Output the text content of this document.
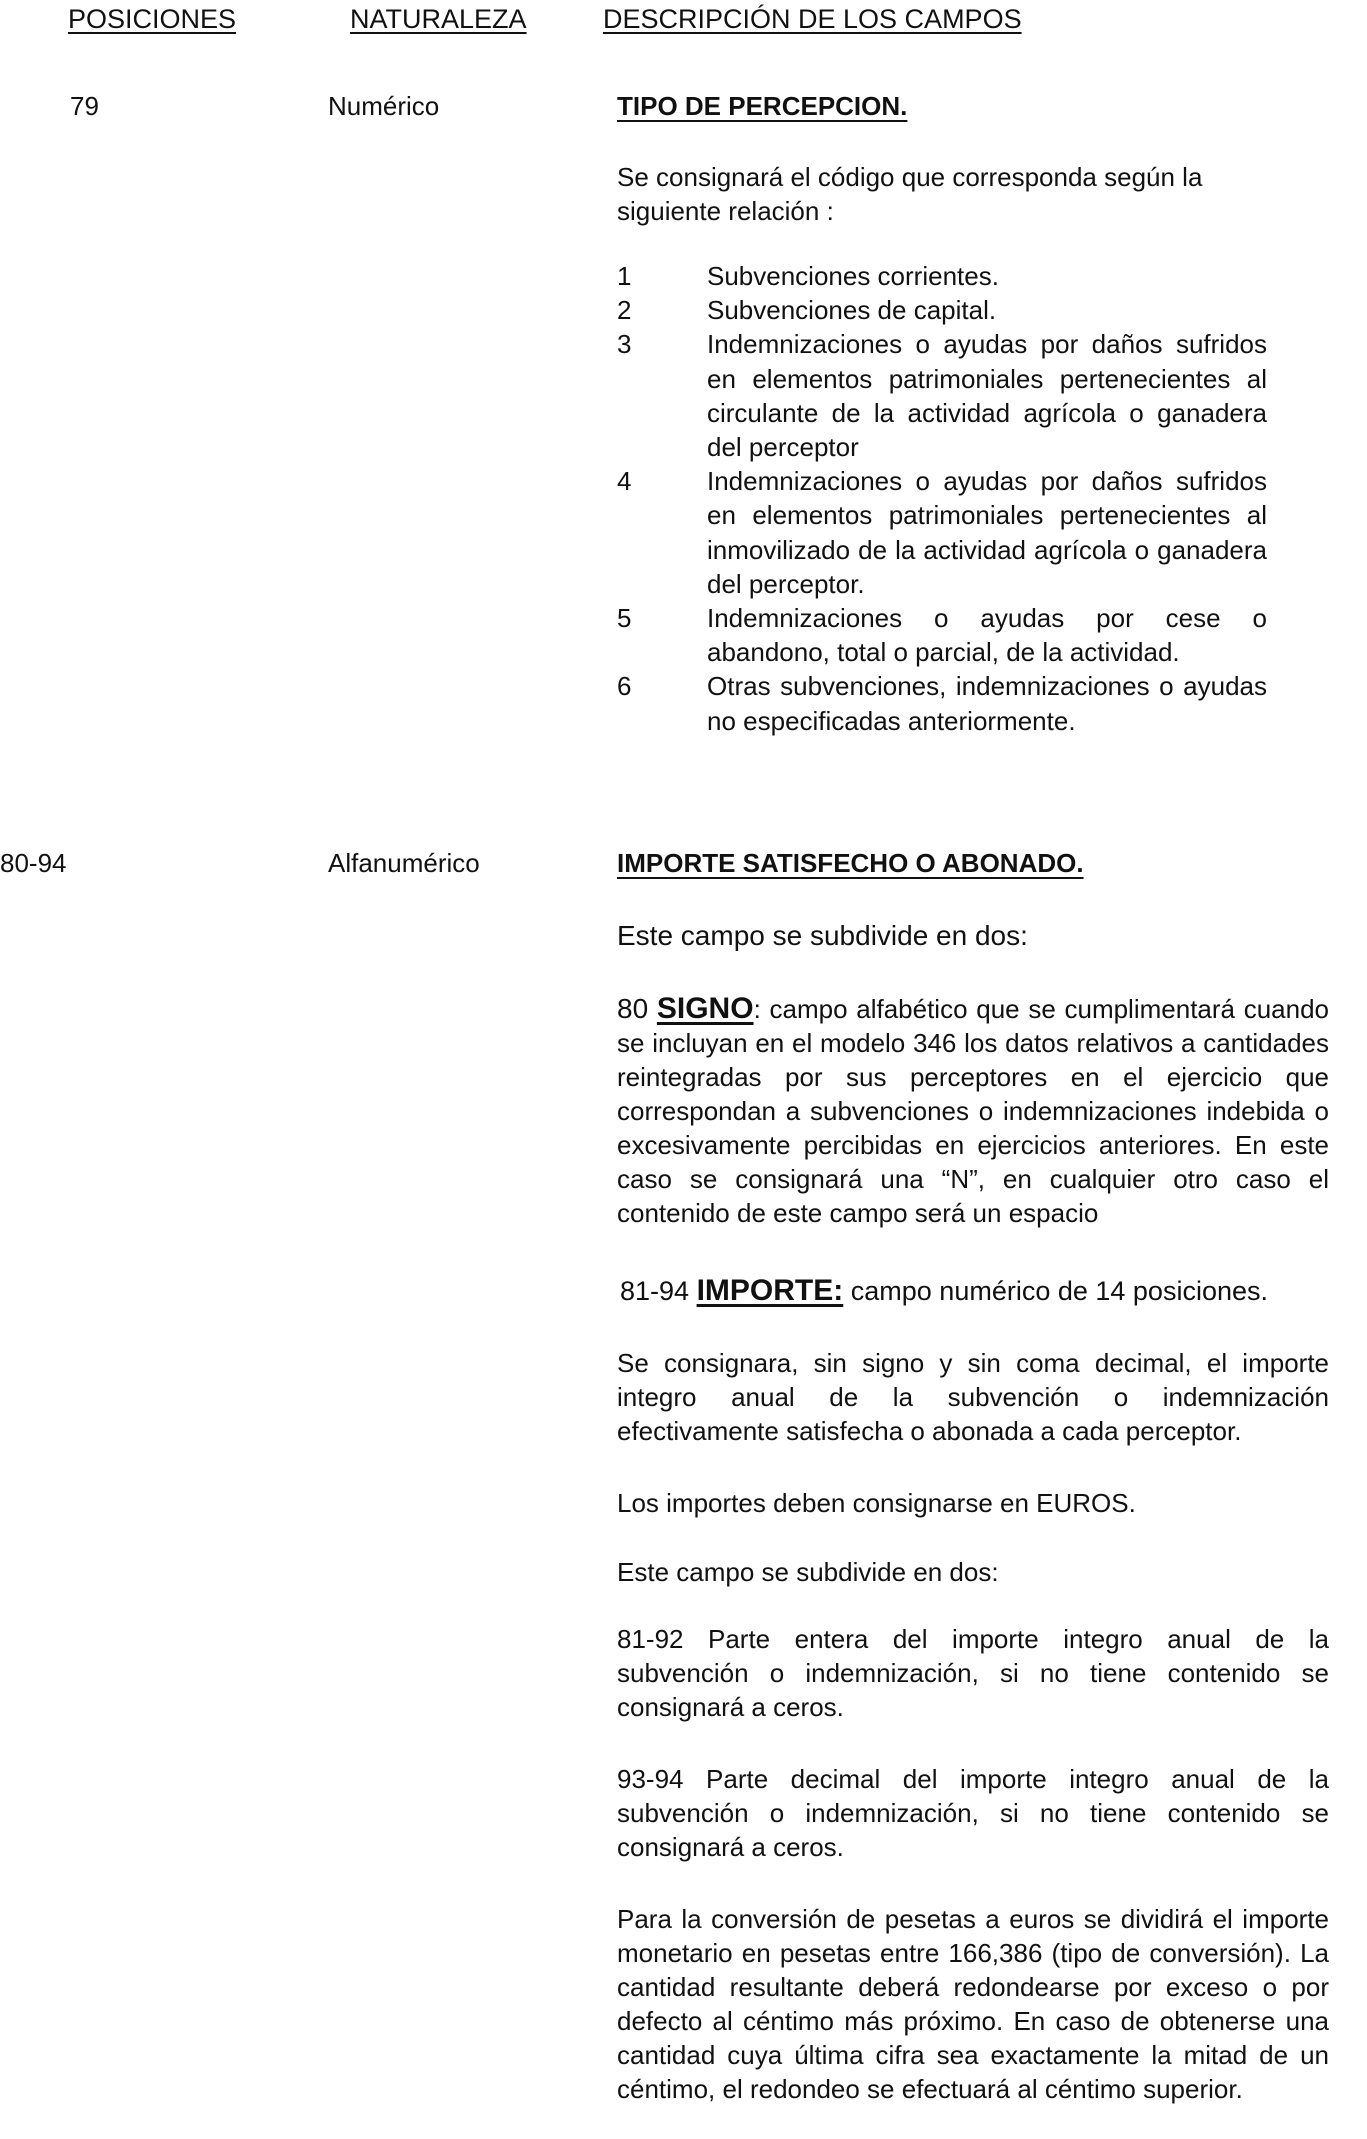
POSICIONES	NATURALEZA	DESCRIPCIÓN DE LOS CAMPOS
79	Numérico	TIPO DE PERCEPCION.

Se consignará el código que corresponda según la siguiente relación :

1	Subvenciones corrientes.
2	Subvenciones de capital.
3	Indemnizaciones o ayudas por daños sufridos en elementos patrimoniales pertenecientes al circulante de la actividad agrícola o ganadera del perceptor
4	Indemnizaciones o ayudas por daños sufridos en elementos patrimoniales pertenecientes al inmovilizado de la actividad agrícola o ganadera del perceptor.
5	Indemnizaciones o ayudas por cese o abandono, total o parcial, de la actividad.
6	Otras subvenciones, indemnizaciones o ayudas no especificadas anteriormente.
80-94	Alfanumérico	IMPORTE SATISFECHO O ABONADO.
Este campo se subdivide en dos:

80 SIGNO: campo alfabético que se cumplimentará cuando se incluyan en el modelo 346 los datos relativos a cantidades reintegradas por sus perceptores en el ejercicio que correspondan a subvenciones o indemnizaciones indebida o excesivamente percibidas en ejercicios anteriores. En este caso se consignará una “N”, en cualquier otro caso el contenido de este campo será un espacio

81-94 IMPORTE: campo numérico de 14 posiciones.

Se consignara, sin signo y sin coma decimal, el importe integro anual de la subvención o indemnización efectivamente satisfecha o abonada a cada perceptor.

Los importes deben consignarse en EUROS.

Este campo se subdivide en dos:

81-92 Parte entera del importe integro anual de la subvención o indemnización, si no tiene contenido se consignará a ceros.

93-94 Parte decimal del importe integro anual de la subvención o indemnización, si no tiene contenido se consignará a ceros.

Para la conversión de pesetas a euros se dividirá el importe monetario en pesetas entre 166,386 (tipo de conversión). La cantidad resultante deberá redondearse por exceso o por defecto al céntimo más próximo. En caso de obtenerse una cantidad cuya última cifra sea exactamente la mitad de un céntimo, el redondeo se efectuará al céntimo superior.
